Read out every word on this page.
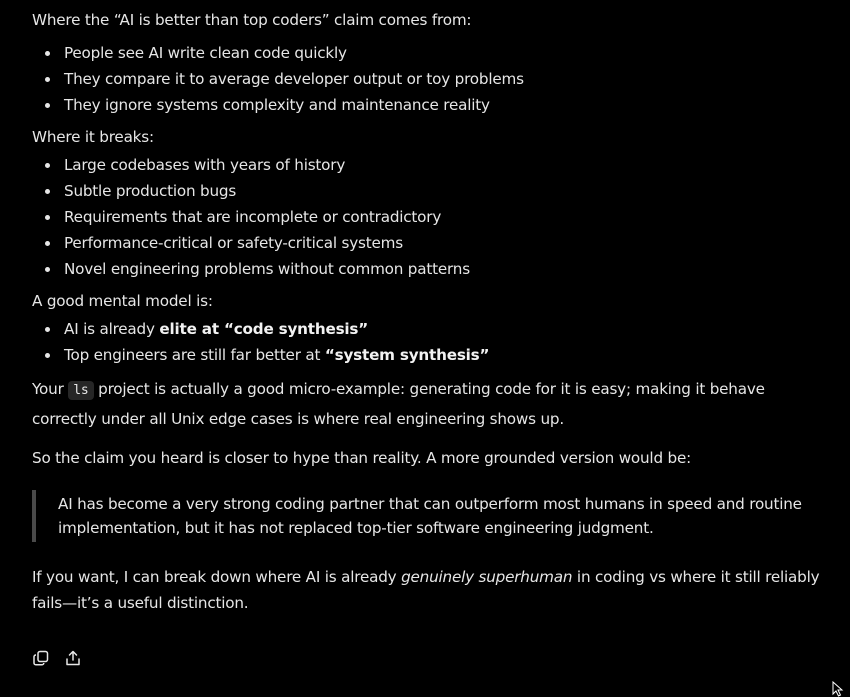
Where the “AI is better than top coders” claim comes from:

People see AI write clean code quickly
They compare it to average developer output or toy problems
They ignore systems complexity and maintenance reality

Where it breaks:

Large codebases with years of history
Subtle production bugs
Requirements that are incomplete or contradictory
Performance-critical or safety-critical systems
Novel engineering problems without common patterns

A good mental model is:

AI is already elite at “code synthesis”
Top engineers are still far better at “system synthesis”

Your ls project is actually a good micro-example: generating code for it is easy; making it behave correctly under all Unix edge cases is where real engineering shows up.

So the claim you heard is closer to hype than reality. A more grounded version would be:

AI has become a very strong coding partner that can outperform most humans in speed and routine implementation, but it has not replaced top-tier software engineering judgment.

If you want, I can break down where AI is already genuinely superhuman in coding vs where it still reliably fails—it’s a useful distinction.
